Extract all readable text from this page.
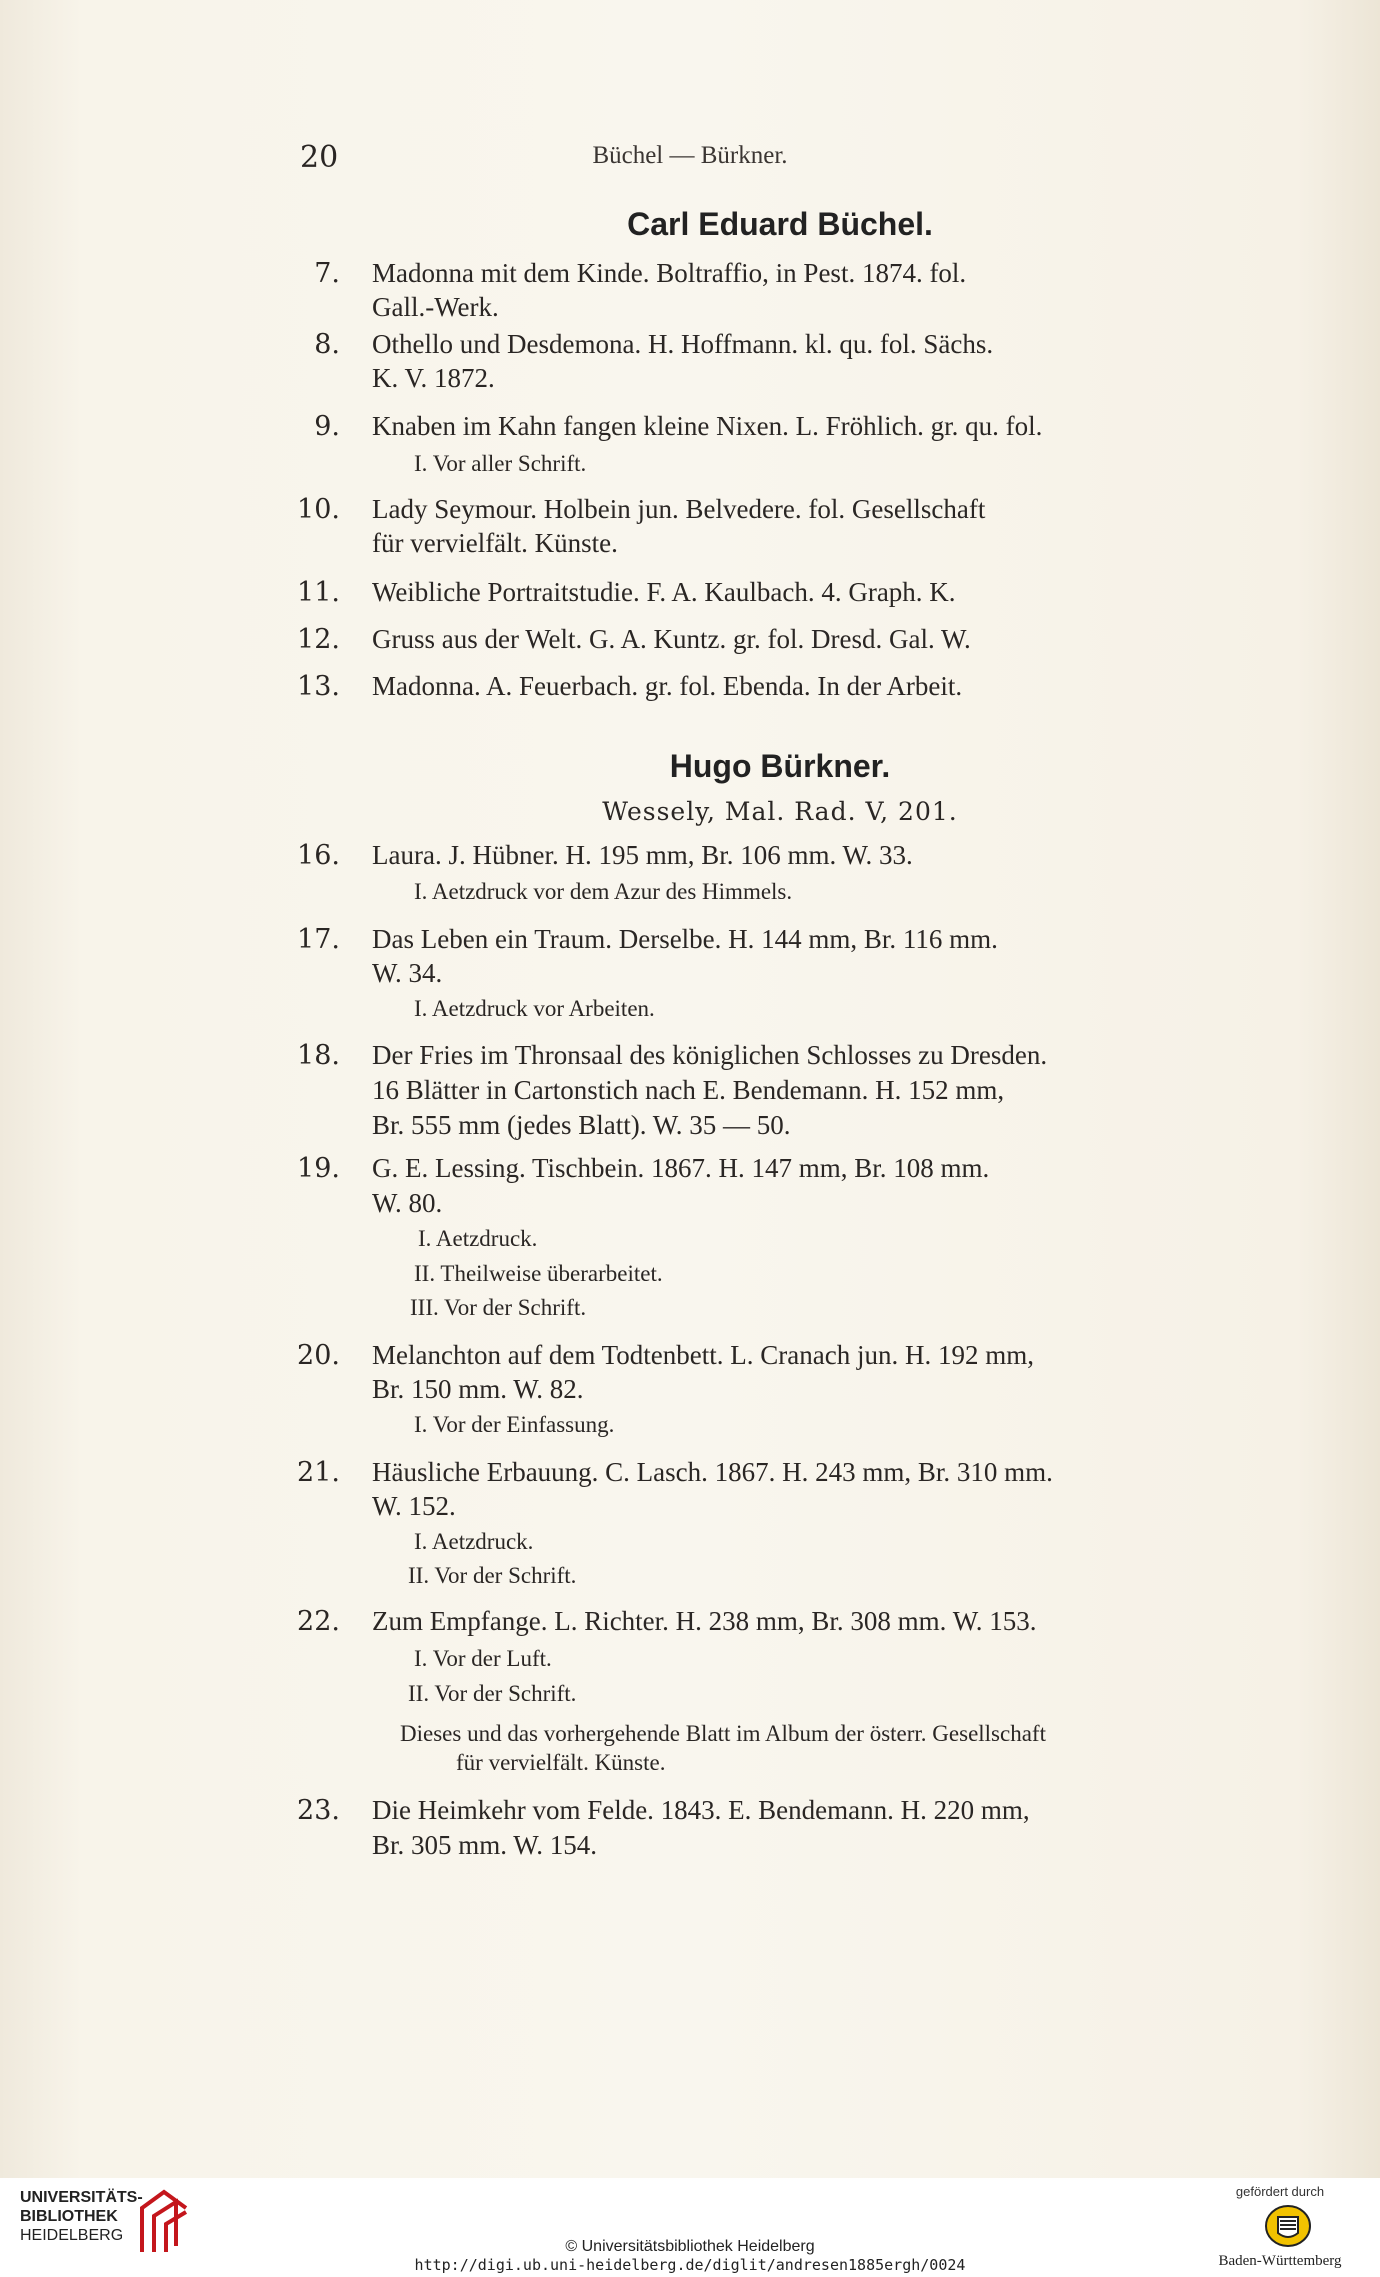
20	Büchel — Bürkner.
Carl Eduard Büchel.
7. Madonna mit dem Kinde. Boltraffio, in Pest. 1874. fol.
Gall.-Werk.
8. Othello und Desdemona. H. Hoffmann. kl. qu. fol. Sächs.
K. V. 1872.
9. Knaben im Kahn fangen kleine Nixen. L. Fröhlich. gr. qu. fol.
I. Vor aller Schrift.
10. Lady Seymour. Holbein jun. Belvedere. fol. Gesellschaft
für vervielfält. Künste.
11. Weibliche Portraitstudie. F. A. Kaulbach. 4. Graph. K.
12. Gruss aus der Welt. G. A. Kuntz. gr. fol. Dresd. Gal. W.
13. Madonna. A. Feuerbach. gr. fol. Ebenda. In der Arbeit.
Hugo Bürkner.
Wessely, Mal. Rad. V, 201.
16. Laura. J. Hübner. H. 195 mm, Br. 106 mm. W. 33.
I. Aetzdruck vor dem Azur des Himmels.
17. Das Leben ein Traum. Derselbe. H. 144 mm, Br. 116 mm.
W. 34.
I. Aetzdruck vor Arbeiten.
18. Der Fries im Thronsaal des königlichen Schlosses zu Dresden.
16 Blätter in Cartonstich nach E. Bendemann. H. 152 mm,
Br. 555 mm (jedes Blatt). W. 35 — 50.
19. G. E. Lessing. Tischbein. 1867. H. 147 mm, Br. 108 mm.
W. 80.
I. Aetzdruck.
II. Theilweise überarbeitet.
III. Vor der Schrift.
20. Melanchton auf dem Todtenbett. L. Cranach jun. H. 192 mm,
Br. 150 mm. W. 82.
I. Vor der Einfassung.
21. Häusliche Erbauung. C. Lasch. 1867. H. 243 mm, Br. 310 mm.
W. 152.
I. Aetzdruck.
II. Vor der Schrift.
22. Zum Empfange. L. Richter. H. 238 mm, Br. 308 mm. W. 153.
I. Vor der Luft.
II. Vor der Schrift.
Dieses und das vorhergehende Blatt im Album der österr. Gesellschaft
für vervielfält. Künste.
23. Die Heimkehr vom Felde. 1843. E. Bendemann. H. 220 mm,
Br. 305 mm. W. 154.
UNIVERSITÄTS-
BIBLIOTHEK
HEIDELBERG
© Universitätsbibliothek Heidelberg
http://digi.ub.uni-heidelberg.de/diglit/andresen1885ergh/0024
gefördert durch
Baden-Württemberg
